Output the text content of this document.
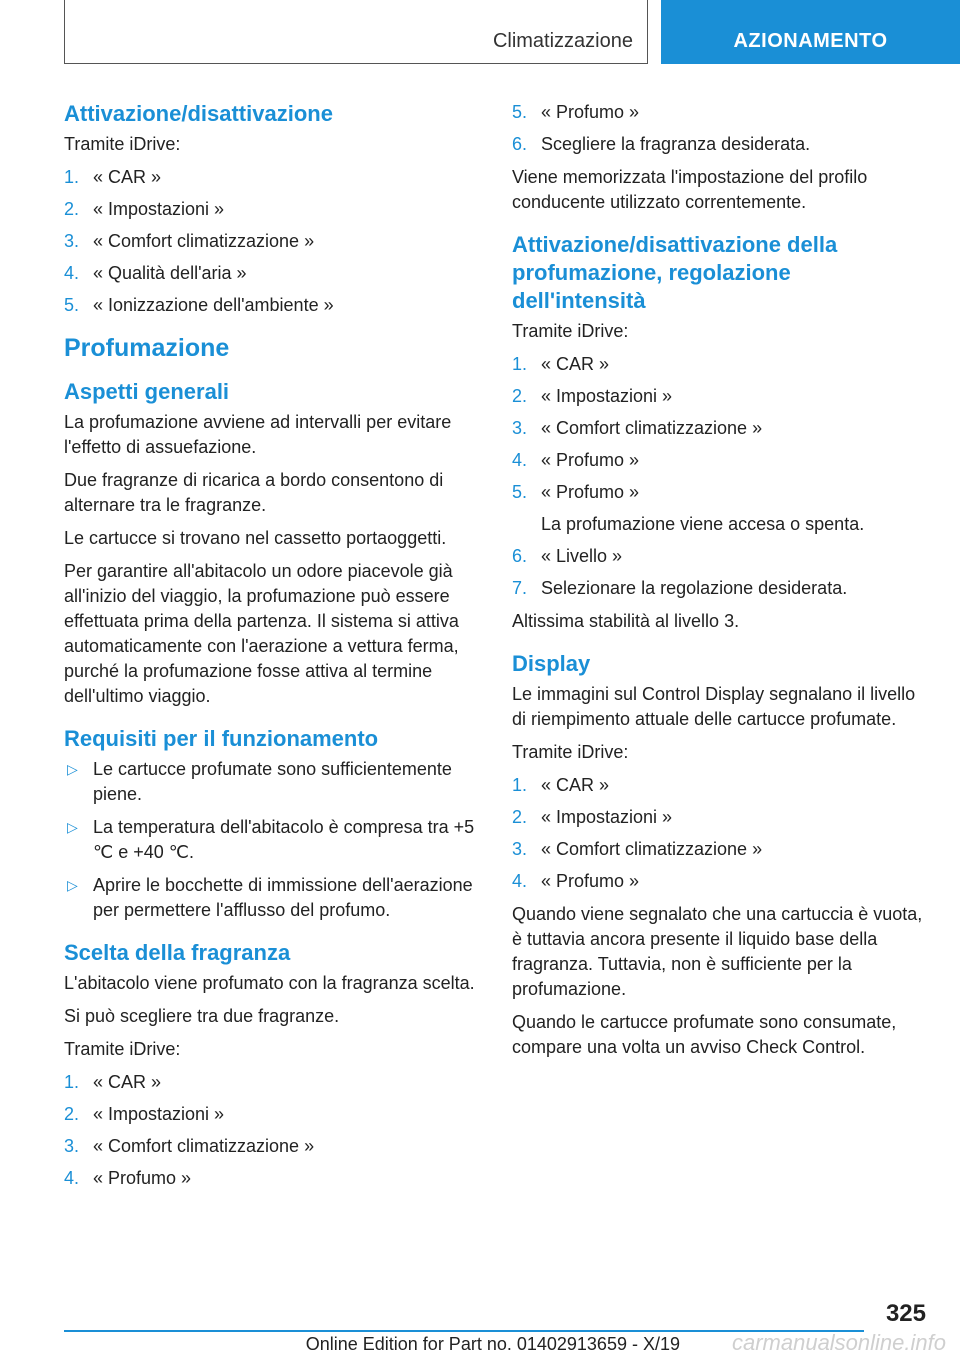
Climatizzazione	AZIONAMENTO
Attivazione/disattivazione

Tramite iDrive:

1. « CAR »
2. « Impostazioni »
3. « Comfort climatizzazione »
4. « Qualità dell'aria »
5. « Ionizzazione dell'ambiente »
Profumazione
Aspetti generali

La profumazione avviene ad intervalli per evitare l'effetto di assuefazione.

Due fragranze di ricarica a bordo consentono di alternare tra le fragranze.

Le cartucce si trovano nel cassetto portaoggetti.

Per garantire all'abitacolo un odore piacevole già all'inizio del viaggio, la profumazione può essere effettuata prima della partenza. Il sistema si attiva automaticamente con l'aerazione a vettura ferma, purché la profumazione fosse attiva al termine dell'ultimo viaggio.

Requisiti per il funzionamento
▷ Le cartucce profumate sono sufficientemente piene.
▷ La temperatura dell'abitacolo è compresa tra +5 ℃ e +40 ℃.
▷ Aprire le bocchette di immissione dell'aerazione per permettere l'afflusso del profumo.
Scelta della fragranza

L'abitacolo viene profumato con la fragranza scelta.

Si può scegliere tra due fragranze.

Tramite iDrive:

1. « CAR »
2. « Impostazioni »
3. « Comfort climatizzazione »
4. « Profumo »
5. « Profumo »
6. Scegliere la fragranza desiderata.

Viene memorizzata l'impostazione del profilo conducente utilizzato correntemente.

Attivazione/disattivazione della profumazione, regolazione dell'intensità

Tramite iDrive:

1. « CAR »
2. « Impostazioni »
3. « Comfort climatizzazione »
4. « Profumo »
5. « Profumo »
La profumazione viene accesa o spenta.
6. « Livello »
7. Selezionare la regolazione desiderata.

Altissima stabilità al livello 3.

Display

Le immagini sul Control Display segnalano il livello di riempimento attuale delle cartucce profumate.

Tramite iDrive:

1. « CAR »
2. « Impostazioni »
3. « Comfort climatizzazione »
4. « Profumo »

Quando viene segnalato che una cartuccia è vuota, è tuttavia ancora presente il liquido base della fragranza. Tuttavia, non è sufficiente per la profumazione.

Quando le cartucce profumate sono consumate, compare una volta un avviso Check Control.

325
Online Edition for Part no. 01402913659 - X/19 carmanualsonline.info
